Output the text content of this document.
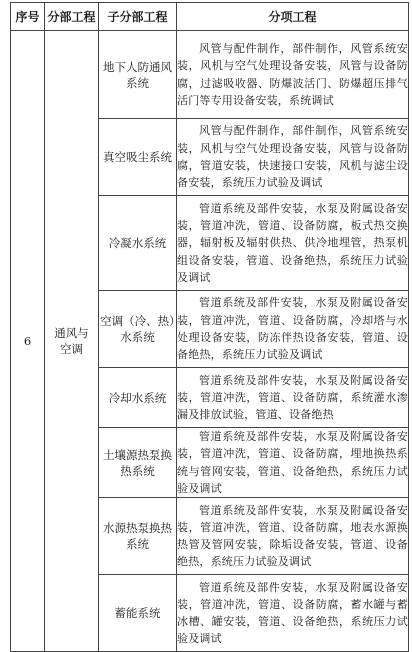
序号	分部工程	子分部工程	分项工程
6	通风与空调	地下人防通风系统	风管与配件制作，部件制作，风管系统安装，风机与空气处理设备安装，风管与设备防腐，过滤吸收器、防爆波活门、防爆超压排气活门等专用设备安装，系统调试
		真空吸尘系统	风管与配件制作，部件制作，风管系统安装，风机与空气处理设备安装，风管与设备防腐，管道安装，快速接口安装，风机与滤尘设备安装，系统压力试验及调试
		冷凝水系统	管道系统及部件安装，水泵及附属设备安装，管道冲洗，管道、设备防腐，板式热交换器，辐射板及辐射供热、供冷地埋管，热泵机组设备安装，管道、设备绝热，系统压力试验及调试
		空调（冷、热）水系统	管道系统及部件安装，水泵及附属设备安装，管道冲洗，管道、设备防腐，冷却塔与水处理设备安装，防冻伴热设备安装，管道、设备绝热，系统压力试验及调试
		冷却水系统	管道系统及部件安装，水泵及附属设备安装，管道冲洗，管道、设备防腐，系统灌水渗漏及排放试验，管道、设备绝热
		土壤源热泵换热系统	管道系统及部件安装，水泵及附属设备安装，管道冲洗，管道、设备防腐，埋地换热系统与管网安装，管道、设备绝热，系统压力试验及调试
		水源热泵换热系统	管道系统及部件安装，水泵及附属设备安装，管道冲洗，管道、设备防腐，地表水源换热管及管网安装，除垢设备安装，管道、设备绝热，系统压力试验及调试
		蓄能系统	管道系统及部件安装，水泵及附属设备安装，管道冲洗，管道、设备防腐，蓄水罐与蓄冰槽、罐安装，管道、设备绝热，系统压力试验及调试
